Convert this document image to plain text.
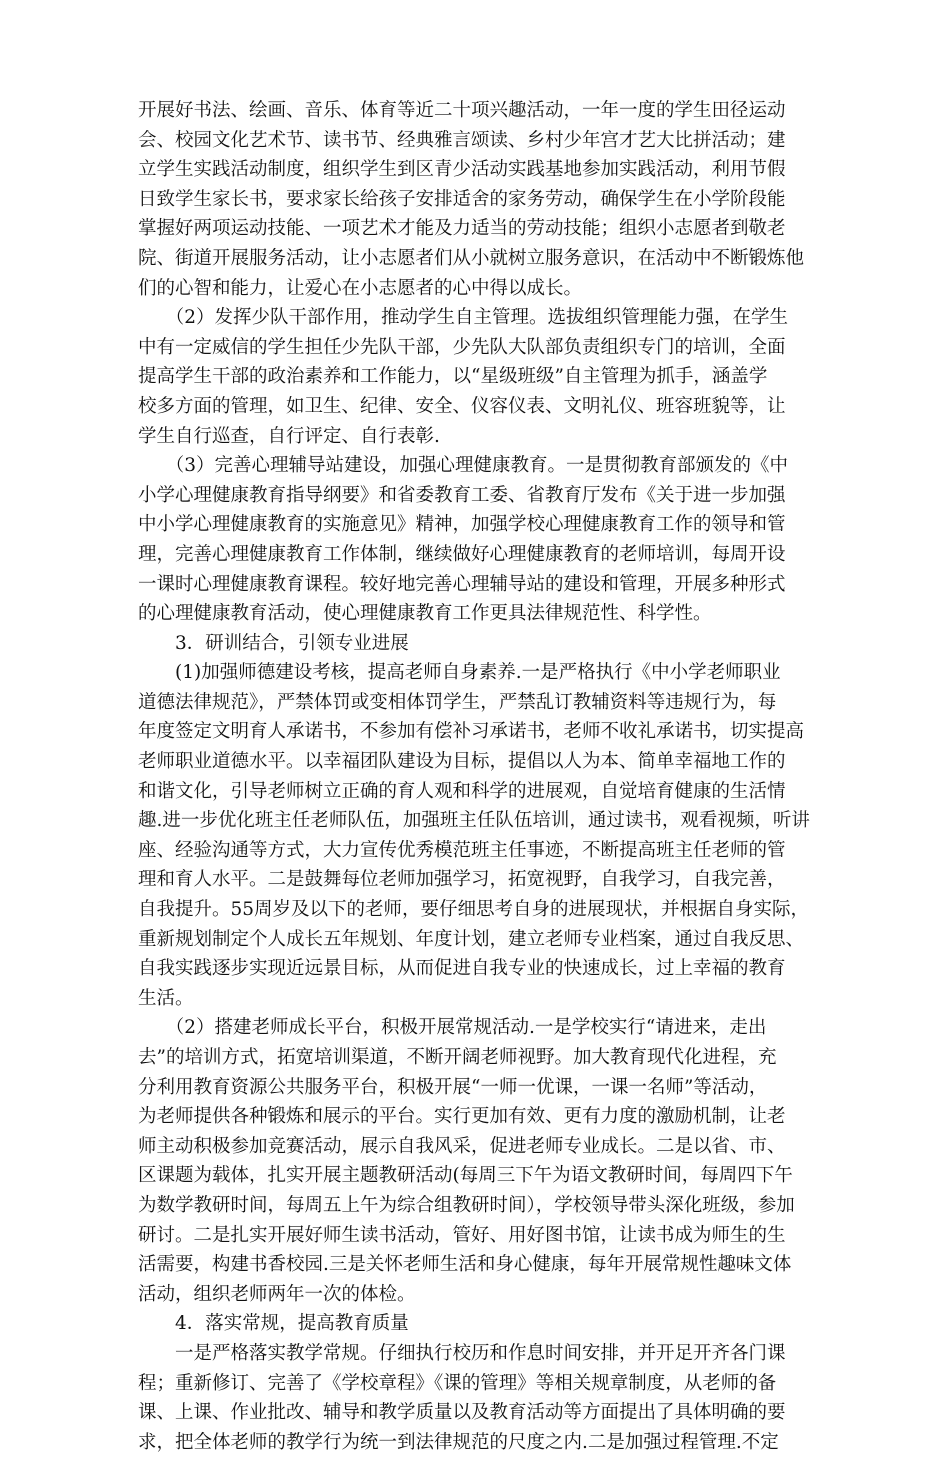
开展好书法、绘画、音乐、体育等近二十项兴趣活动，一年一度的学生田径运动
会、校园文化艺术节、读书节、经典雅言颂读、乡村少年宫才艺大比拼活动；建
立学生实践活动制度，组织学生到区青少活动实践基地参加实践活动，利用节假
日致学生家长书，要求家长给孩子安排适舍的家务劳动，确保学生在小学阶段能
掌握好两项运动技能、一项艺术才能及力适当的劳动技能；组织小志愿者到敬老
院、街道开展服务活动，让小志愿者们从小就树立服务意识，在活动中不断锻炼他
们的心智和能力，让爱心在小志愿者的心中得以成长。
　　（2）发挥少队干部作用，推动学生自主管理。选拔组织管理能力强，在学生
中有一定威信的学生担任少先队干部，少先队大队部负责组织专门的培训，全面
提高学生干部的政治素养和工作能力，以“星级班级”自主管理为抓手，涵盖学
校多方面的管理，如卫生、纪律、安全、仪容仪表、文明礼仪、班容班貌等，让
学生自行巡查，自行评定、自行表彰.
　　（3）完善心理辅导站建设，加强心理健康教育。一是贯彻教育部颁发的《中
小学心理健康教育指导纲要》和省委教育工委、省教育厅发布《关于进一步加强
中小学心理健康教育的实施意见》精神，加强学校心理健康教育工作的领导和管
理，完善心理健康教育工作体制，继续做好心理健康教育的老师培训，每周开设
一课时心理健康教育课程。较好地完善心理辅导站的建设和管理，开展多种形式
的心理健康教育活动，使心理健康教育工作更具法律规范性、科学性。
　　3．研训结合，引领专业进展
　　(1)加强师德建设考核，提高老师自身素养.一是严格执行《中小学老师职业
道德法律规范》，严禁体罚或变相体罚学生，严禁乱订教辅资料等违规行为，每
年度签定文明育人承诺书，不参加有偿补习承诺书，老师不收礼承诺书，切实提高
老师职业道德水平。以幸福团队建设为目标，提倡以人为本、简单幸福地工作的
和谐文化，引导老师树立正确的育人观和科学的进展观，自觉培育健康的生活情
趣.进一步优化班主任老师队伍，加强班主任队伍培训，通过读书，观看视频，听讲
座、经验沟通等方式，大力宣传优秀模范班主任事迹，不断提高班主任老师的管
理和育人水平。二是鼓舞每位老师加强学习，拓宽视野，自我学习，自我完善，
自我提升。55周岁及以下的老师，要仔细思考自身的进展现状，并根据自身实际，
重新规划制定个人成长五年规划、年度计划，建立老师专业档案，通过自我反思、
自我实践逐步实现近远景目标，从而促进自我专业的快速成长，过上幸福的教育
生活。
　　（2）搭建老师成长平台，积极开展常规活动.一是学校实行“请进来，走出
去”的培训方式，拓宽培训渠道，不断开阔老师视野。加大教育现代化进程，充
分利用教育资源公共服务平台，积极开展“一师一优课，一课一名师”等活动，
为老师提供各种锻炼和展示的平台。实行更加有效、更有力度的激励机制，让老
师主动积极参加竞赛活动，展示自我风采，促进老师专业成长。二是以省、市、
区课题为载体，扎实开展主题教研活动(每周三下午为语文教研时间，每周四下午
为数学教研时间，每周五上午为综合组教研时间），学校领导带头深化班级，参加
研讨。二是扎实开展好师生读书活动，管好、用好图书馆，让读书成为师生的生
活需要，构建书香校园.三是关怀老师生活和身心健康，每年开展常规性趣味文体
活动，组织老师两年一次的体检。
　　4．落实常规，提高教育质量
　　一是严格落实教学常规。仔细执行校历和作息时间安排，并开足开齐各门课
程；重新修订、完善了《学校章程》《课的管理》等相关规章制度，从老师的备
课、上课、作业批改、辅导和教学质量以及教育活动等方面提出了具体明确的要
求，把全体老师的教学行为统一到法律规范的尺度之内.二是加强过程管理.不定
